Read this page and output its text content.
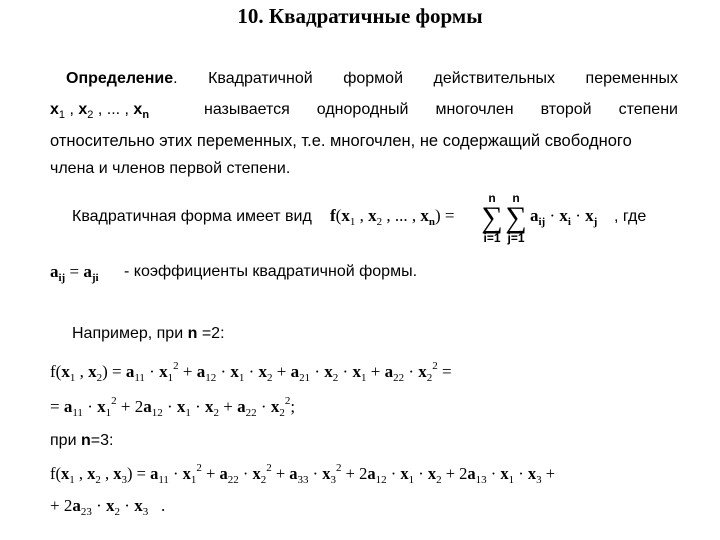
10. Квадратичные формы
Определение. Квадратичной формой действительных переменных
$x_1$ , $x_2$ , ... , $x_n$	называется однородный многочлен второй степени
относительно этих переменных, т.е. многочлен, не содержащий свободного
члена и членов первой степени.
Квадратичная форма имеет вид $f(x_1$ , $x_2$ , ... , $x_n$) =
n
∑
i=1
n
∑
j=1
$a_{ij} \cdot x_i \cdot x_j$ , где
$a_{ij} = a_{ji}$ - коэффициенты квадратичной формы.
Например, при n =2:
$f(x_1$ , $x_2) = a_{11} \cdot x_1^2 + a_{12} \cdot x_1 \cdot x_2 + a_{21} \cdot x_2 \cdot x_1 + a_{22} \cdot x_2^2$ =
= $a_{11} \cdot x_1^2 + 2a_{12} \cdot x_1 \cdot x_2 + a_{22} \cdot x_2^2$;
при n=3:
$f(x_1$ , $x_2$ , $x_3) = a_{11} \cdot x_1^2 + a_{22} \cdot x_2^2 + a_{33} \cdot x_3^2 + 2a_{12} \cdot x_1 \cdot x_2 + 2a_{13} \cdot x_1 \cdot x_3$ +
+ $2a_{23} \cdot x_2 \cdot x_3$   .
